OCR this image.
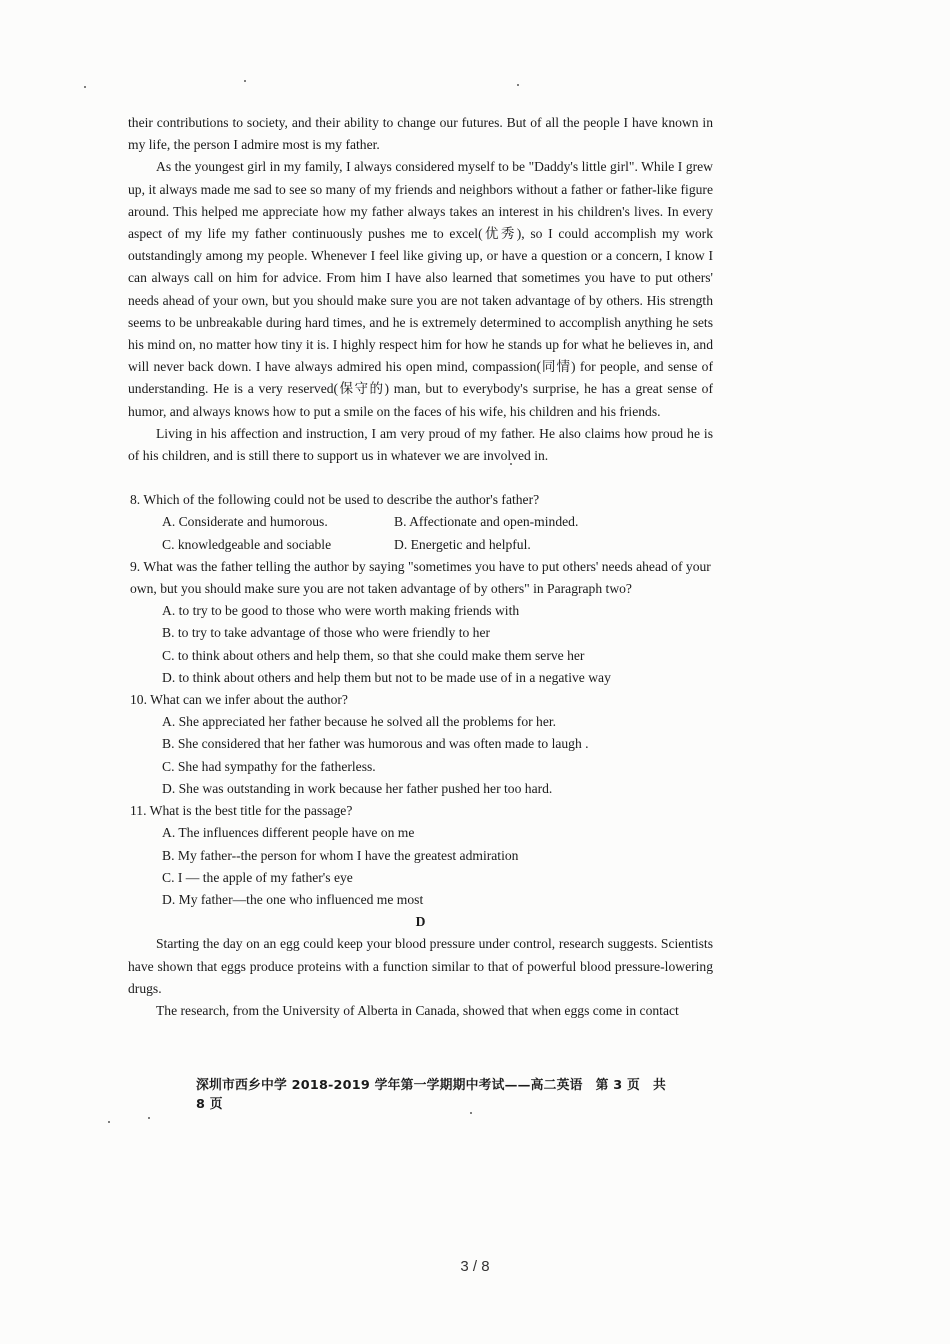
their contributions to society, and their ability to change our futures. But of all the people I have known in my life, the person I admire most is my father.

As the youngest girl in my family, I always considered myself to be "Daddy's little girl". While I grew up, it always made me sad to see so many of my friends and neighbors without a father or father-like figure around. This helped me appreciate how my father always takes an interest in his children's lives. In every aspect of my life my father continuously pushes me to excel(优秀), so I could accomplish my work outstandingly among my people. Whenever I feel like giving up, or have a question or a concern, I know I can always call on him for advice. From him I have also learned that sometimes you have to put others' needs ahead of your own, but you should make sure you are not taken advantage of by others. His strength seems to be unbreakable during hard times, and he is extremely determined to accomplish anything he sets his mind on, no matter how tiny it is. I highly respect him for how he stands up for what he believes in, and will never back down. I have always admired his open mind, compassion(同情) for people, and sense of understanding. He is a very reserved(保守的) man, but to everybody's surprise, he has a great sense of humor, and always knows how to put a smile on the faces of his wife, his children and his friends.

Living in his affection and instruction, I am very proud of my father. He also claims how proud he is of his children, and is still there to support us in whatever we are involved in.

8. Which of the following could not be used to describe the author's father?

A. Considerate and humorous.	B. Affectionate and open-minded.
C. knowledgeable and sociable	D. Energetic and helpful.

9. What was the father telling the author by saying "sometimes you have to put others' needs ahead of your own, but you should make sure you are not taken advantage of by others" in Paragraph two?

A. to try to be good to those who were worth making friends with
B. to try to take advantage of those who were friendly to her
C. to think about others and help them, so that she could make them serve her
D. to think about others and help them but not to be made use of in a negative way

10. What can we infer about the author?

A. She appreciated her father because he solved all the problems for her.
B. She considered that her father was humorous and was often made to laugh .
C. She had sympathy for the fatherless.
D. She was outstanding in work because her father pushed her too hard.

11. What is the best title for the passage?

A. The influences different people have on me
B. My father--the person for whom I have the greatest admiration
C. I — the apple of my father's eye
D. My father—the one who influenced me most

D

Starting the day on an egg could keep your blood pressure under control, research suggests. Scientists have shown that eggs produce proteins with a function similar to that of powerful blood pressure-lowering drugs.

The research, from the University of Alberta in Canada, showed that when eggs come in contact

深圳市西乡中学 2018-2019 学年第一学期期中考试——高二英语　第 3 页　共 8 页
3 / 8
